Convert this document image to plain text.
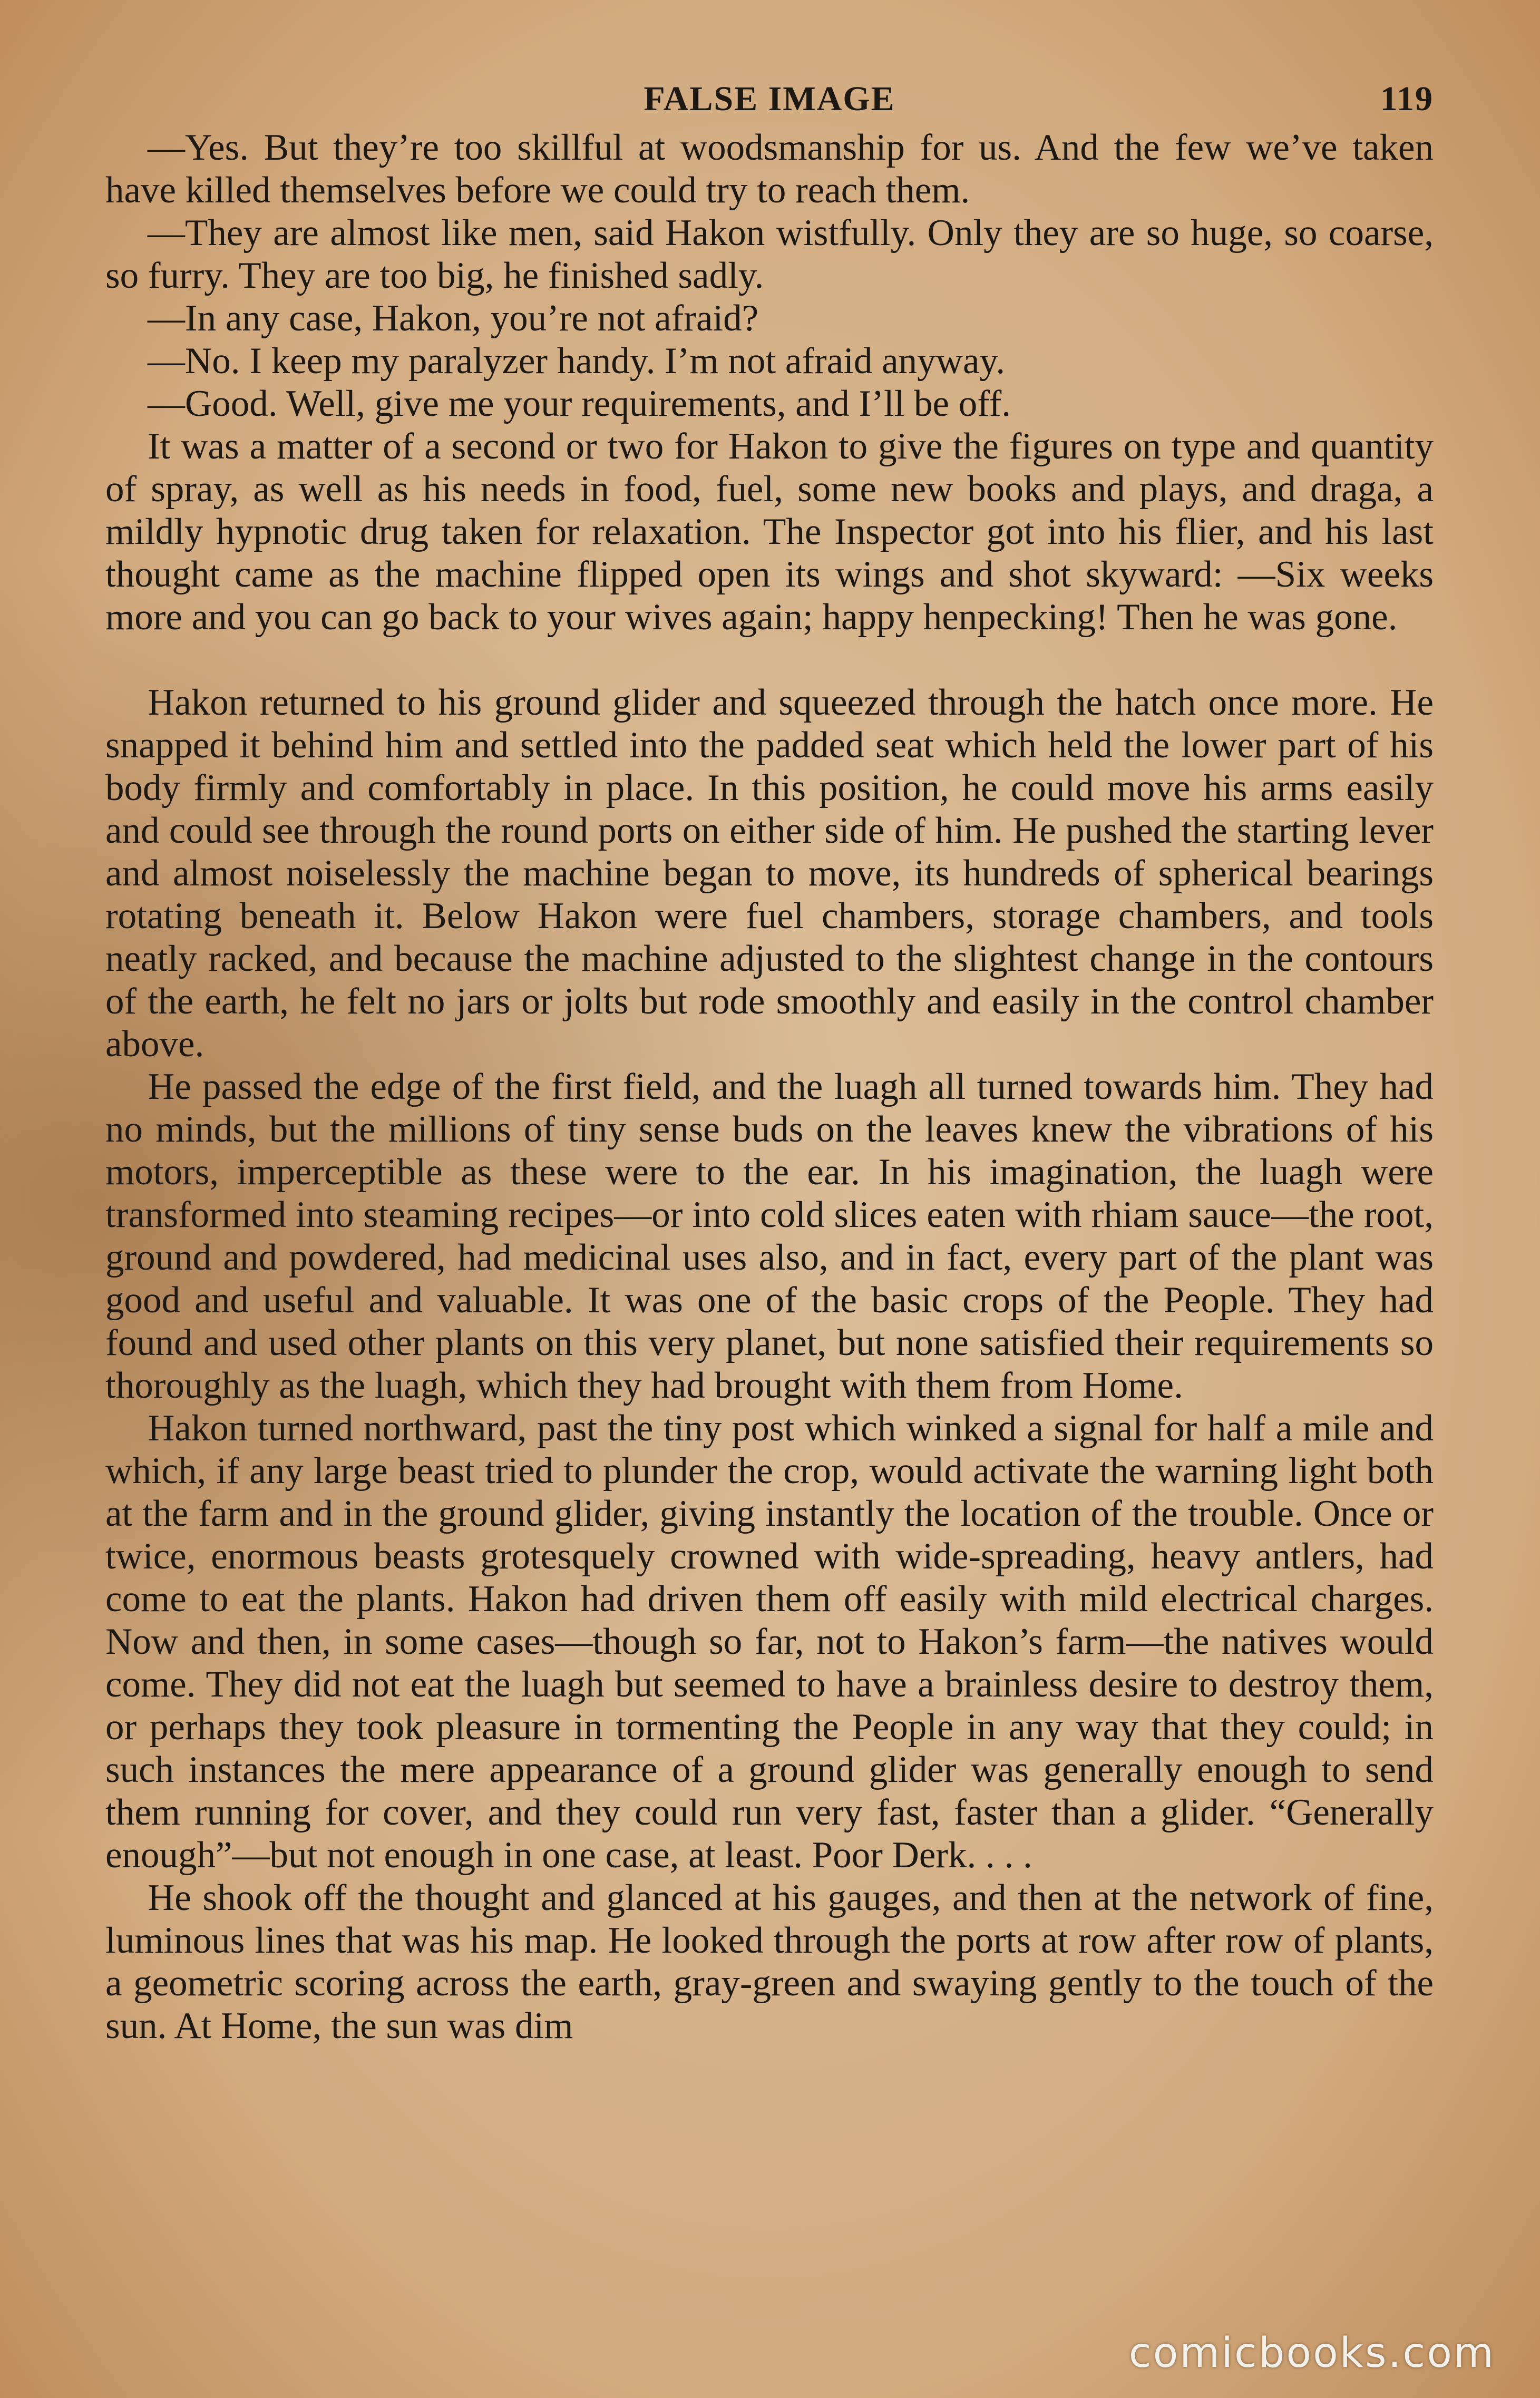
FALSE IMAGE	119

—Yes. But they’re too skillful at woodsmanship for us. And the few we’ve taken have killed themselves before we could try to reach them.

—They are almost like men, said Hakon wistfully. Only they are so huge, so coarse, so furry. They are too big, he finished sadly.

—In any case, Hakon, you’re not afraid?

—No. I keep my paralyzer handy. I’m not afraid anyway.

—Good. Well, give me your requirements, and I’ll be off.

It was a matter of a second or two for Hakon to give the figures on type and quantity of spray, as well as his needs in food, fuel, some new books and plays, and draga, a mildly hypnotic drug taken for relaxation. The Inspector got into his flier, and his last thought came as the machine flipped open its wings and shot skyward: —Six weeks more and you can go back to your wives again; happy henpecking! Then he was gone.

Hakon returned to his ground glider and squeezed through the hatch once more. He snapped it behind him and settled into the padded seat which held the lower part of his body firmly and comfortably in place. In this position, he could move his arms easily and could see through the round ports on either side of him. He pushed the starting lever and almost noiselessly the machine began to move, its hundreds of spherical bearings rotating beneath it. Below Hakon were fuel chambers, storage chambers, and tools neatly racked, and because the machine adjusted to the slightest change in the contours of the earth, he felt no jars or jolts but rode smoothly and easily in the control chamber above.

He passed the edge of the first field, and the luagh all turned towards him. They had no minds, but the millions of tiny sense buds on the leaves knew the vibrations of his motors, imperceptible as these were to the ear. In his imagination, the luagh were transformed into steaming recipes—or into cold slices eaten with rhiam sauce—the root, ground and powdered, had medicinal uses also, and in fact, every part of the plant was good and useful and valuable. It was one of the basic crops of the People. They had found and used other plants on this very planet, but none satisfied their requirements so thoroughly as the luagh, which they had brought with them from Home.

Hakon turned northward, past the tiny post which winked a signal for half a mile and which, if any large beast tried to plunder the crop, would activate the warning light both at the farm and in the ground glider, giving instantly the location of the trouble. Once or twice, enormous beasts grotesquely crowned with wide-spreading, heavy antlers, had come to eat the plants. Hakon had driven them off easily with mild electrical charges. Now and then, in some cases—though so far, not to Hakon’s farm—the natives would come. They did not eat the luagh but seemed to have a brainless desire to destroy them, or perhaps they took pleasure in tormenting the People in any way that they could; in such instances the mere appearance of a ground glider was generally enough to send them running for cover, and they could run very fast, faster than a glider. “Generally enough”—but not enough in one case, at least. Poor Derk. . . .

He shook off the thought and glanced at his gauges, and then at the network of fine, luminous lines that was his map. He looked through the ports at row after row of plants, a geometric scoring across the earth, gray-green and swaying gently to the touch of the sun. At Home, the sun was dim

comicbooks.com
